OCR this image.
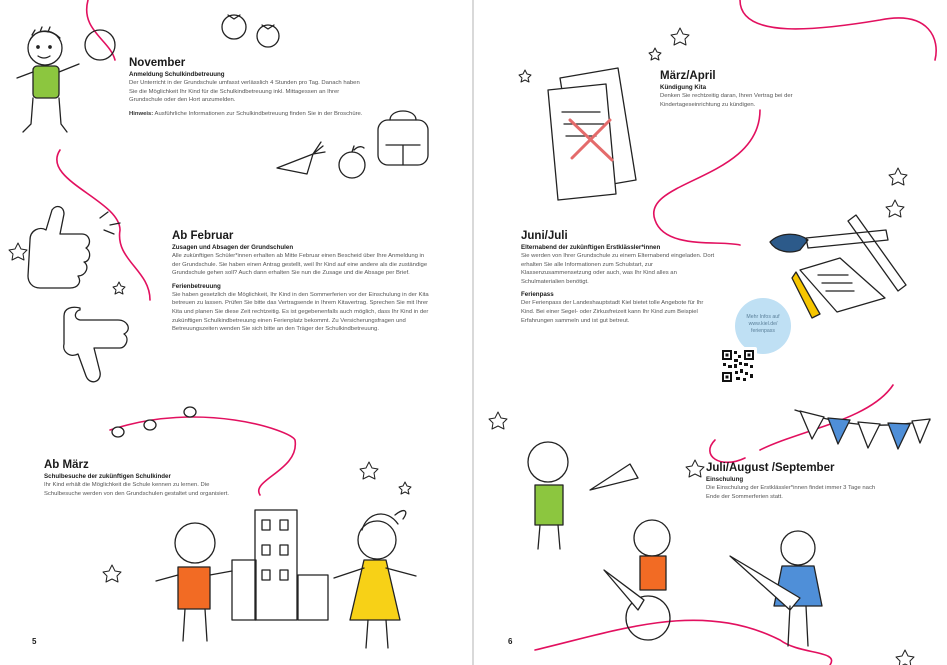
November
Anmeldung Schulkindbetreuung

Der Unterricht in der Grundschule umfasst verlässlich 4 Stunden pro Tag. Danach haben Sie die Möglichkeit Ihr Kind für die Schulkindbetreuung inkl. Mittagessen an Ihrer Grundschule oder den Hort anzumelden.

Hinweis: Ausführliche Informationen zur Schulkindbetreuung finden Sie in der Broschüre.

Ab Februar
Zusagen und Absagen der Grundschulen

Alle zukünftigen Schüler*innen erhalten ab Mitte Februar einen Bescheid über Ihre Anmeldung in der Grundschule. Sie haben einen Antrag gestellt, weil Ihr Kind auf eine andere als die zuständige Grundschule gehen soll? Auch dann erhalten Sie nun die Zusage und die Absage per Brief.

Ferienbetreuung

Sie haben gesetzlich die Möglichkeit, Ihr Kind in den Sommerferien vor der Einschulung in der Kita betreuen zu lassen. Prüfen Sie bitte das Vertragsende in Ihrem Kitavertrag. Sprechen Sie mit Ihrer Kita und planen Sie diese Zeit rechtzeitig. Es ist gegebenenfalls auch möglich, dass Ihr Kind in der zukünftigen Schulkindbetreuung einen Ferienplatz bekommt. Zu Versicherungsfragen und Betreuungszeiten wenden Sie sich bitte an den Träger der Schulkindbetreuung.

Ab März
Schulbesuche der zukünftigen Schulkinder

Ihr Kind erhält die Möglichkeit die Schule kennen zu lernen. Die Schulbesuche werden von den Grundschulen gestaltet und organisiert.

5
März/April
Kündigung Kita

Denken Sie rechtzeitig daran, Ihren Vertrag bei der Kindertageseinrichtung zu kündigen.

Juni/Juli
Elternabend der zukünftigen Erstklässler*innen

Sie werden von Ihrer Grundschule zu einem Elternabend eingeladen. Dort erhalten Sie alle Informationen zum Schulstart, zur Klassenzusammensetzung oder auch, was Ihr Kind alles an Schulmaterialien benötigt.

Ferienpass

Der Ferienpass der Landeshauptstadt Kiel bietet tolle Angebote für Ihr Kind. Bei einer Segel- oder Zirkusfreizeit kann Ihr Kind zum Beispiel Erfahrungen sammeln und ist gut betreut.

Mehr Infos auf
www.kiel.de/
ferienpass
Juli/August /September
Einschulung

Die Einschulung der Erstklässler*innen findet immer 3 Tage nach Ende der Sommerferien statt.

6
